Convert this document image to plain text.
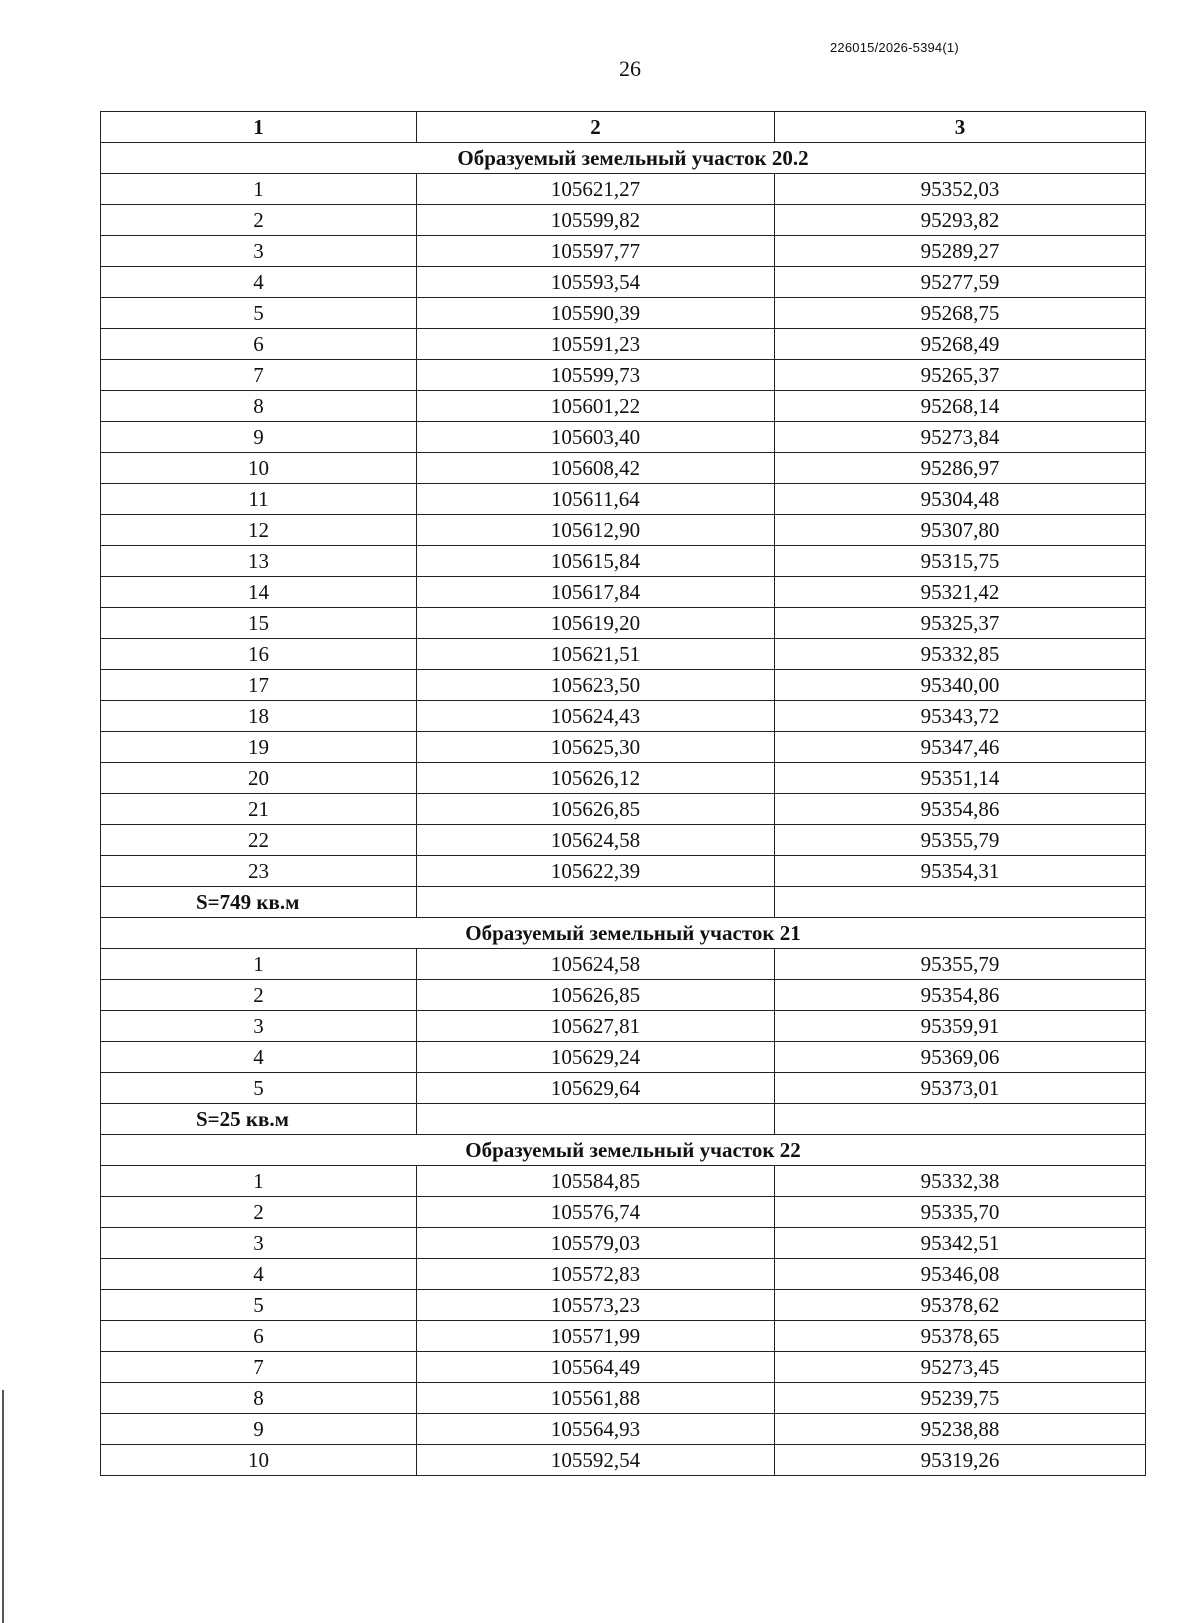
226015/2026-5394(1)
26
1	2	3
Образуемый земельный участок 20.2		
1	105621,27	95352,03
2	105599,82	95293,82
3	105597,77	95289,27
4	105593,54	95277,59
5	105590,39	95268,75
6	105591,23	95268,49
7	105599,73	95265,37
8	105601,22	95268,14
9	105603,40	95273,84
10	105608,42	95286,97
11	105611,64	95304,48
12	105612,90	95307,80
13	105615,84	95315,75
14	105617,84	95321,42
15	105619,20	95325,37
16	105621,51	95332,85
17	105623,50	95340,00
18	105624,43	95343,72
19	105625,30	95347,46
20	105626,12	95351,14
21	105626,85	95354,86
22	105624,58	95355,79
23	105622,39	95354,31
S=749 кв.м		
Образуемый земельный участок 21		
1	105624,58	95355,79
2	105626,85	95354,86
3	105627,81	95359,91
4	105629,24	95369,06
5	105629,64	95373,01
S=25 кв.м		
Образуемый земельный участок 22		
1	105584,85	95332,38
2	105576,74	95335,70
3	105579,03	95342,51
4	105572,83	95346,08
5	105573,23	95378,62
6	105571,99	95378,65
7	105564,49	95273,45
8	105561,88	95239,75
9	105564,93	95238,88
10	105592,54	95319,26
